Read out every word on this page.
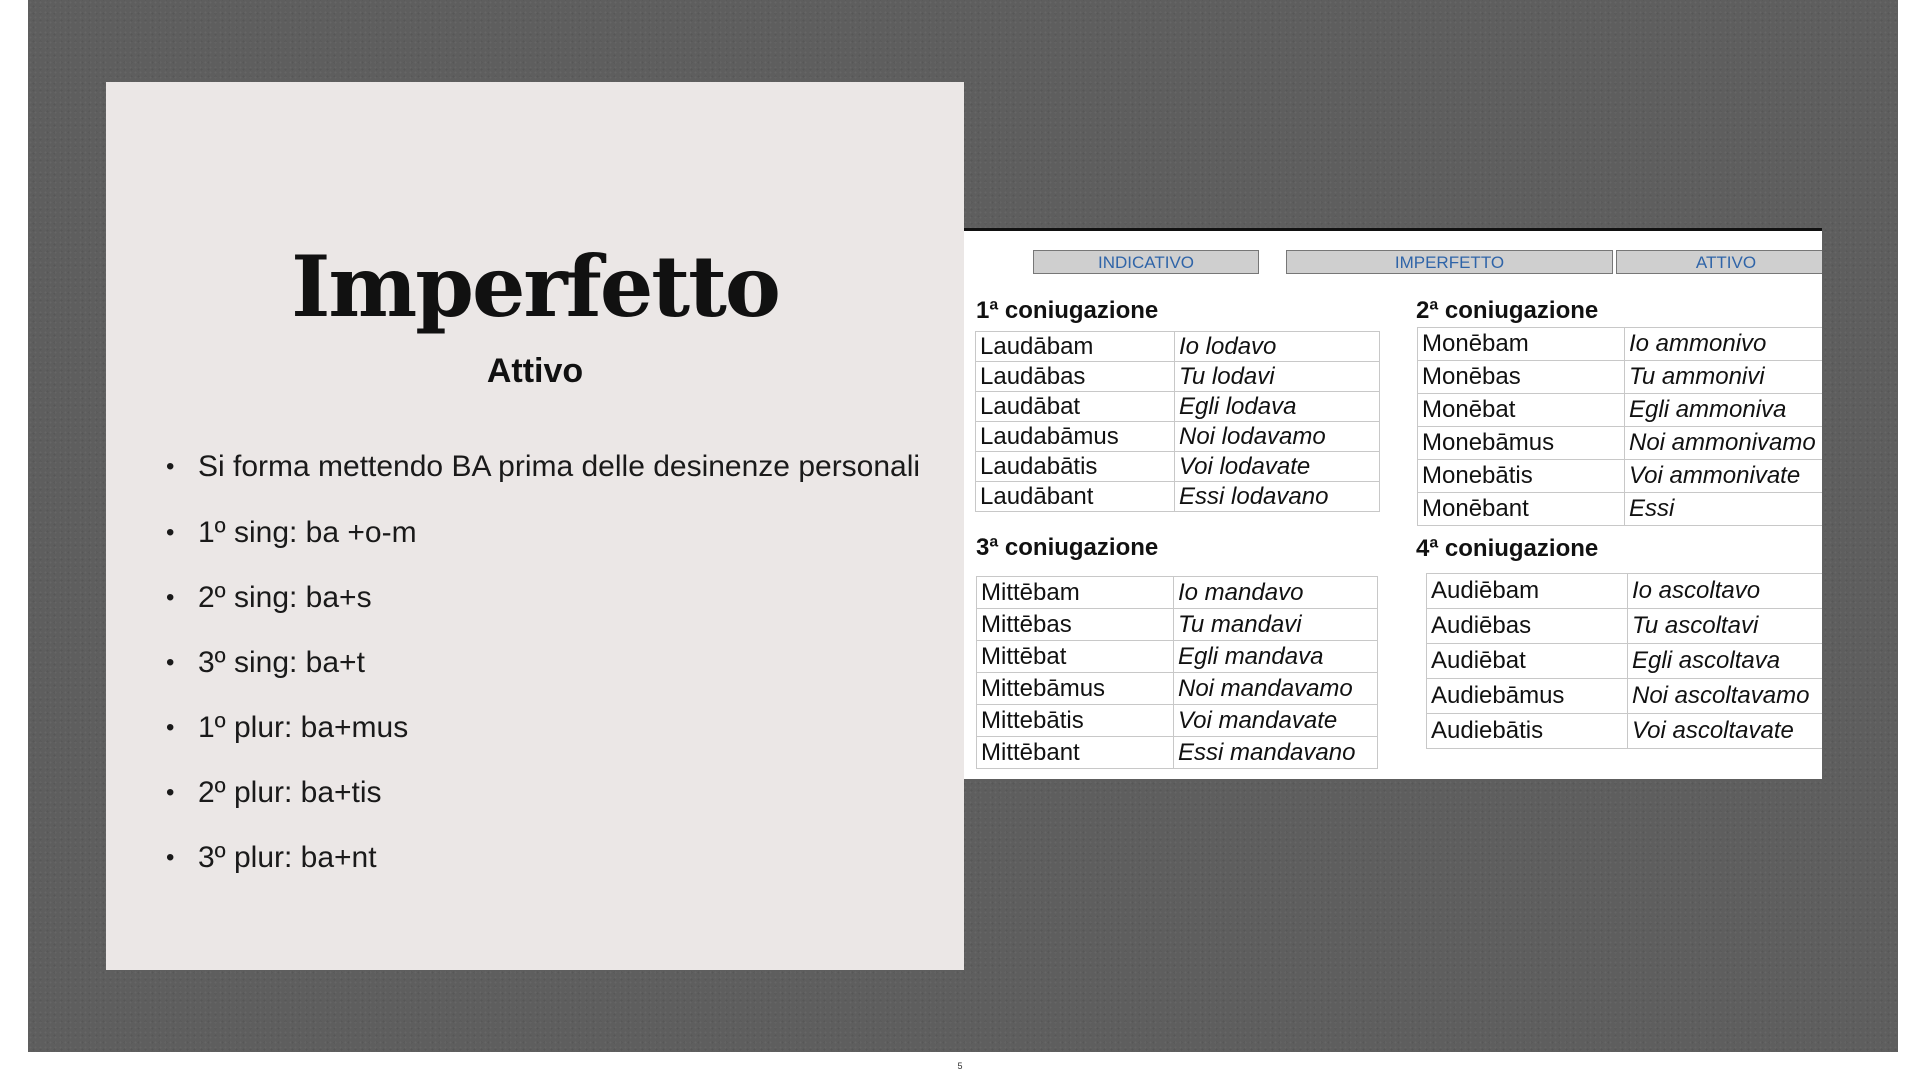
Imperfetto
Attivo
• Si forma mettendo BA prima delle desinenze personali
• 1º sing: ba +o-m
• 2º sing: ba+s
• 3º sing: ba+t
• 1º plur: ba+mus
• 2º plur: ba+tis
• 3º plur: ba+nt
INDICATIVO	IMPERFETTO	ATTIVO
1ª coniugazione
Laudābam	Io lodavo
Laudābas	Tu lodavi
Laudābat	Egli lodava
Laudabāmus	Noi lodavamo
Laudabātis	Voi lodavate
Laudābant	Essi lodavano
2ª coniugazione
Monēbam	Io ammonivo
Monēbas	Tu ammonivi
Monēbat	Egli ammoniva
Monebāmus	Noi ammonivamo
Monebātis	Voi ammonivate
Monēbant	Essi
3ª coniugazione
Mittēbam	Io mandavo
Mittēbas	Tu mandavi
Mittēbat	Egli mandava
Mittebāmus	Noi mandavamo
Mittebātis	Voi mandavate
Mittēbant	Essi mandavano
4ª coniugazione
Audiēbam	Io ascoltavo
Audiēbas	Tu ascoltavi
Audiēbat	Egli ascoltava
Audiebāmus	Noi ascoltavamo
Audiebātis	Voi ascoltavate
5
